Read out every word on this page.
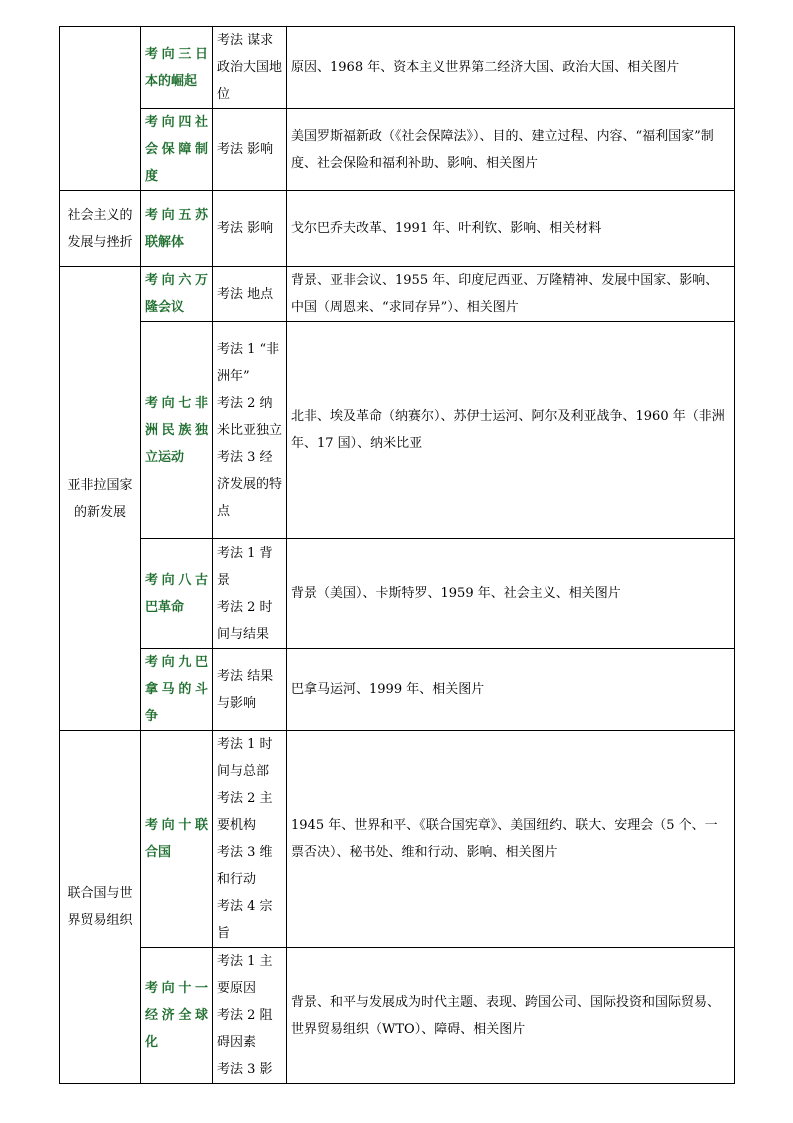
	考向三日本的崛起	考法 谋求政治大国地位	原因、1968 年、资本主义世界第二经济大国、政治大国、相关图片
	考向四社会保障制度	考法 影响	美国罗斯福新政（《社会保障法》）、目的、建立过程、内容、“福利国家”制度、社会保险和福利补助、影响、相关图片
社会主义的发展与挫折	考向五苏联解体	考法 影响	戈尔巴乔夫改革、1991 年、叶利钦、影响、相关材料
亚非拉国家的新发展	考向六万隆会议	考法 地点	背景、亚非会议、1955 年、印度尼西亚、万隆精神、发展中国家、影响、中国（周恩来、“求同存异”）、相关图片
	考向七非洲民族独立运动	考法 1 “非洲年”
考法 2 纳米比亚独立
考法 3 经济发展的特点	北非、埃及革命（纳赛尔）、苏伊士运河、阿尔及利亚战争、1960 年（非洲年、17 国）、纳米比亚
	考向八古巴革命	考法 1 背景
考法 2 时间与结果	背景（美国）、卡斯特罗、1959 年、社会主义、相关图片
	考向九巴拿马的斗争	考法 结果与影响	巴拿马运河、1999 年、相关图片
联合国与世界贸易组织	考向十联合国	考法 1 时间与总部
考法 2 主要机构
考法 3 维和行动
考法 4 宗旨	1945 年、世界和平、《联合国宪章》、美国纽约、联大、安理会（5 个、一票否决）、秘书处、维和行动、影响、相关图片
	考向十一经济全球化	考法 1 主要原因
考法 2 阻碍因素
考法 3 影	背景、和平与发展成为时代主题、表现、跨国公司、国际投资和国际贸易、世界贸易组织（WTO）、障碍、相关图片
